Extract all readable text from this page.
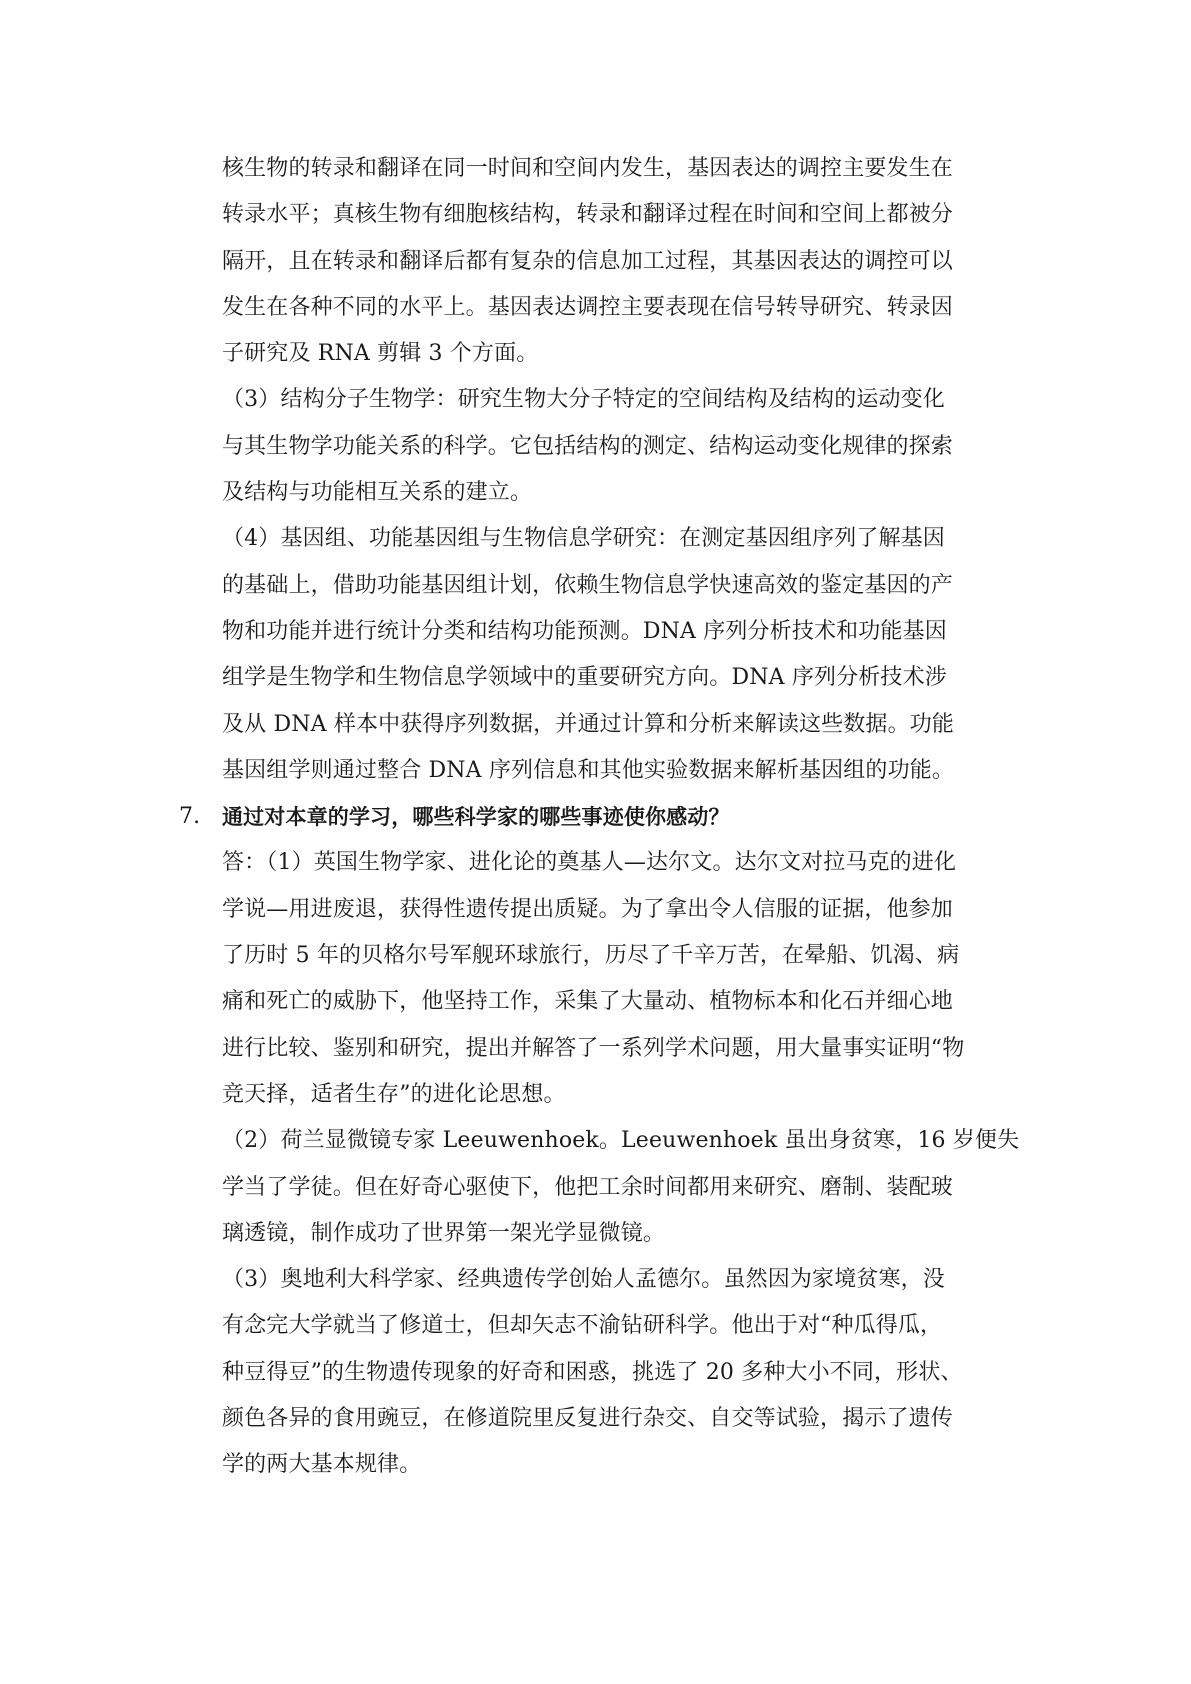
核生物的转录和翻译在同一时间和空间内发生，基因表达的调控主要发生在

转录水平；真核生物有细胞核结构，转录和翻译过程在时间和空间上都被分

隔开，且在转录和翻译后都有复杂的信息加工过程，其基因表达的调控可以

发生在各种不同的水平上。基因表达调控主要表现在信号转导研究、转录因

子研究及 RNA 剪辑 3 个方面。

（3）结构分子生物学：研究生物大分子特定的空间结构及结构的运动变化

与其生物学功能关系的科学。它包括结构的测定、结构运动变化规律的探索

及结构与功能相互关系的建立。

（4）基因组、功能基因组与生物信息学研究：在测定基因组序列了解基因

的基础上，借助功能基因组计划，依赖生物信息学快速高效的鉴定基因的产

物和功能并进行统计分类和结构功能预测。DNA 序列分析技术和功能基因

组学是生物学和生物信息学领域中的重要研究方向。DNA 序列分析技术涉

及从 DNA 样本中获得序列数据，并通过计算和分析来解读这些数据。功能

基因组学则通过整合 DNA 序列信息和其他实验数据来解析基因组的功能。

7. 通过对本章的学习，哪些科学家的哪些事迹使你感动？

答：（1）英国生物学家、进化论的奠基人—达尔文。达尔文对拉马克的进化

学说—用进废退，获得性遗传提出质疑。为了拿出令人信服的证据，他参加

了历时 5 年的贝格尔号军舰环球旅行，历尽了千辛万苦，在晕船、饥渴、病

痛和死亡的威胁下，他坚持工作，采集了大量动、植物标本和化石并细心地

进行比较、鉴别和研究，提出并解答了一系列学术问题，用大量事实证明“物

竞天择，适者生存”的进化论思想。

（2）荷兰显微镜专家 Leeuwenhoek。Leeuwenhoek 虽出身贫寒，16 岁便失

学当了学徒。但在好奇心驱使下，他把工余时间都用来研究、磨制、装配玻

璃透镜，制作成功了世界第一架光学显微镜。

（3）奥地利大科学家、经典遗传学创始人孟德尔。虽然因为家境贫寒，没

有念完大学就当了修道士，但却矢志不渝钻研科学。他出于对“种瓜得瓜，

种豆得豆”的生物遗传现象的好奇和困惑，挑选了 20 多种大小不同，形状、

颜色各异的食用豌豆，在修道院里反复进行杂交、自交等试验，揭示了遗传

学的两大基本规律。
